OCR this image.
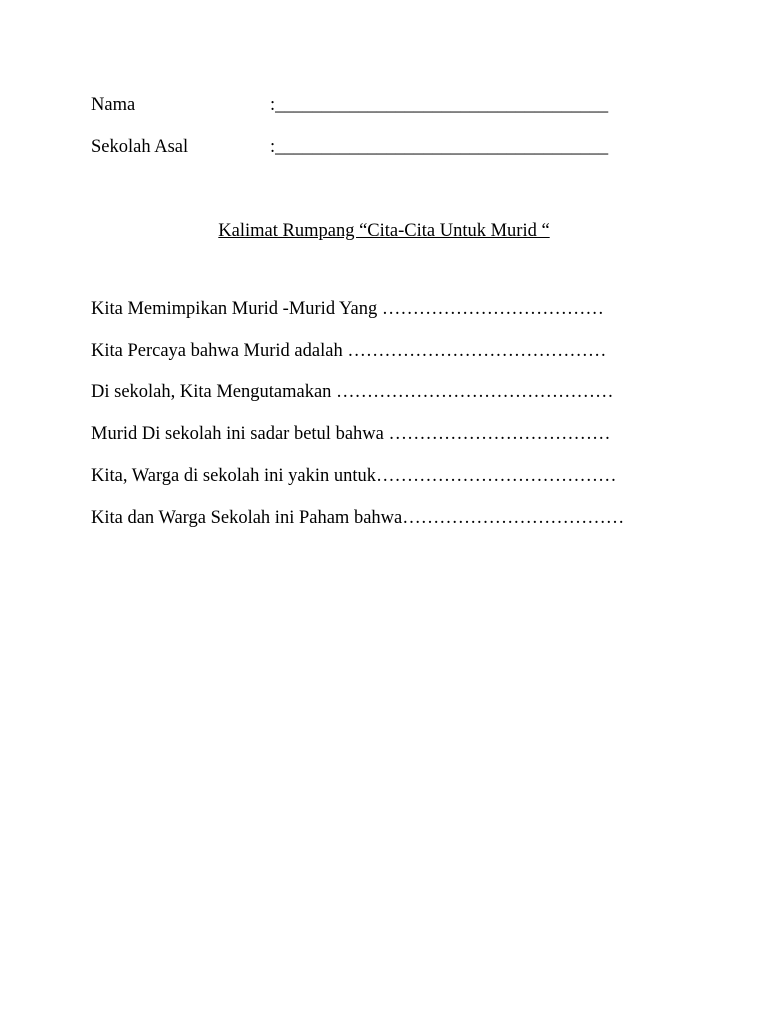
Nama	:____________________________________
Sekolah Asal	:____________________________________
Kalimat Rumpang “Cita-Cita Untuk Murid “
Kita Memimpikan Murid -Murid Yang ………………………………
Kita Percaya bahwa Murid adalah ……………………………………
Di sekolah, Kita Mengutamakan ………………………………………
Murid Di sekolah ini sadar betul bahwa ………………………………
Kita, Warga di sekolah ini yakin untuk…………………………………
Kita dan Warga Sekolah ini Paham bahwa………………………………
